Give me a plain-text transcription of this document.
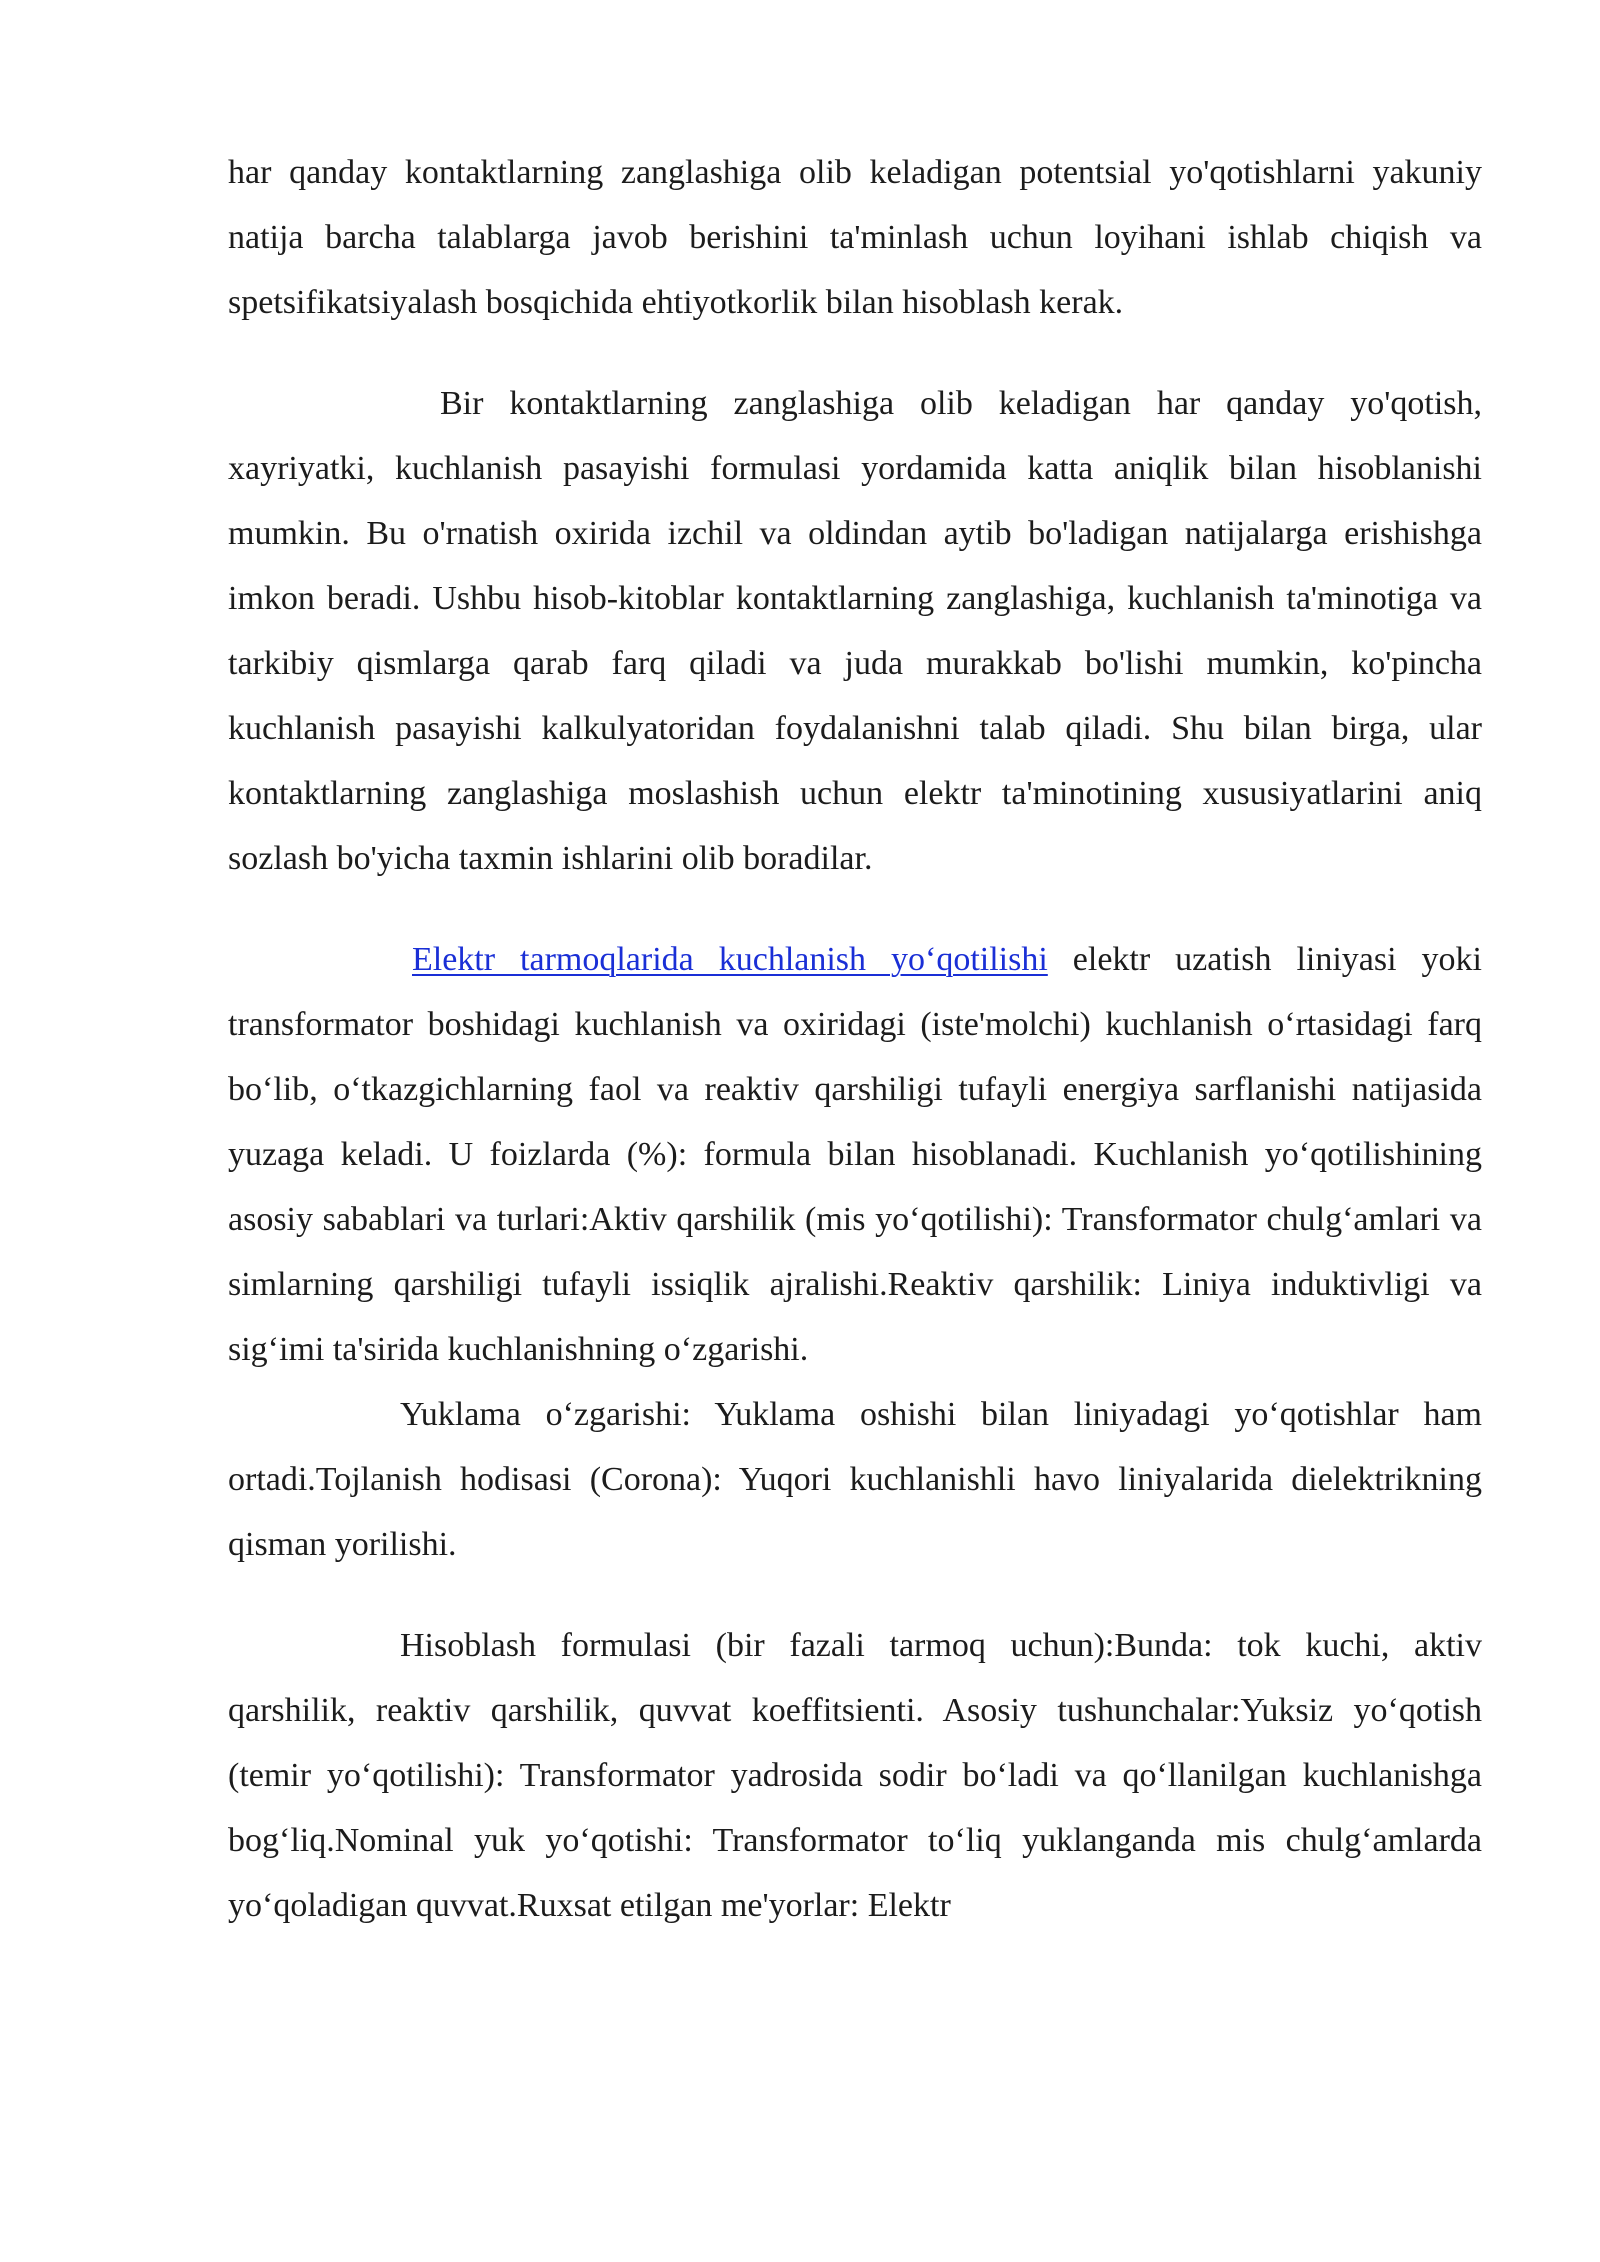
har qanday kontaktlarning zanglashiga olib keladigan potentsial yo'qotishlarni yakuniy natija barcha talablarga javob berishini ta'minlash uchun loyihani ishlab chiqish va spetsifikatsiyalash bosqichida ehtiyotkorlik bilan hisoblash kerak.

Bir kontaktlarning zanglashiga olib keladigan har qanday yo'qotish, xayriyatki, kuchlanish pasayishi formulasi yordamida katta aniqlik bilan hisoblanishi mumkin. Bu o'rnatish oxirida izchil va oldindan aytib bo'ladigan natijalarga erishishga imkon beradi. Ushbu hisob-kitoblar kontaktlarning zanglashiga, kuchlanish ta'minotiga va tarkibiy qismlarga qarab farq qiladi va juda murakkab bo'lishi mumkin, ko'pincha kuchlanish pasayishi kalkulyatoridan foydalanishni talab qiladi. Shu bilan birga, ular kontaktlarning zanglashiga moslashish uchun elektr ta'minotining xususiyatlarini aniq sozlash bo'yicha taxmin ishlarini olib boradilar.

Elektr tarmoqlarida kuchlanish yo‘qotilishi elektr uzatish liniyasi yoki transformator boshidagi kuchlanish va oxiridagi (iste'molchi) kuchlanish o‘rtasidagi farq bo‘lib, o‘tkazgichlarning faol va reaktiv qarshiligi tufayli energiya sarflanishi natijasida yuzaga keladi. U foizlarda (%): formula bilan hisoblanadi. Kuchlanish yo‘qotilishining asosiy sabablari va turlari:Aktiv qarshilik (mis yo‘qotilishi): Transformator chulg‘amlari va simlarning qarshiligi tufayli issiqlik ajralishi.Reaktiv qarshilik: Liniya induktivligi va sig‘imi ta'sirida kuchlanishning o‘zgarishi.

Yuklama o‘zgarishi: Yuklama oshishi bilan liniyadagi yo‘qotishlar ham ortadi.Tojlanish hodisasi (Corona): Yuqori kuchlanishli havo liniyalarida dielektrikning qisman yorilishi.

Hisoblash formulasi (bir fazali tarmoq uchun):Bunda: tok kuchi, aktiv qarshilik, reaktiv qarshilik, quvvat koeffitsienti. Asosiy tushunchalar:Yuksiz yo‘qotish (temir yo‘qotilishi): Transformator yadrosida sodir bo‘ladi va qo‘llanilgan kuchlanishga bog‘liq.Nominal yuk yo‘qotishi: Transformator to‘liq yuklanganda mis chulg‘amlarda yo‘qoladigan quvvat.Ruxsat etilgan me'yorlar: Elektr
